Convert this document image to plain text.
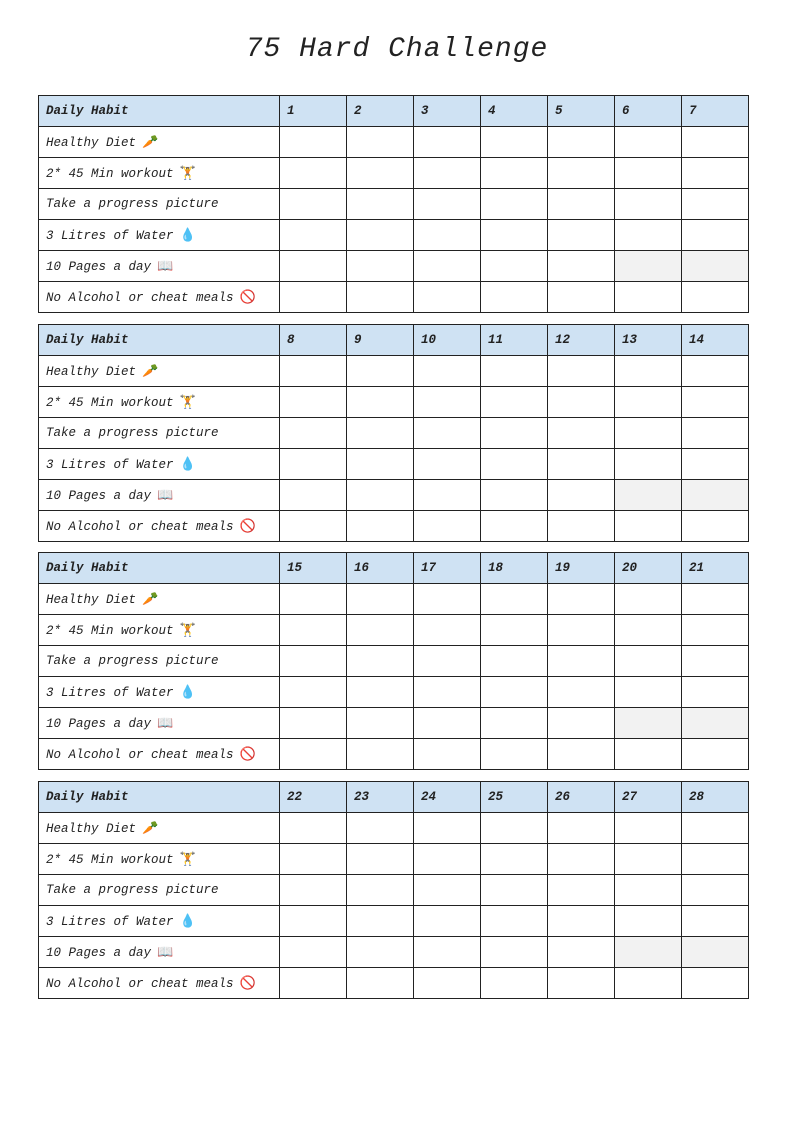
75 Hard Challenge
Daily Habit	1	2	3	4	5	6	7
Healthy Diet 🥕							
2* 45 Min workout 🏋							
Take a progress picture							
3 Litres of Water 💧							
10 Pages a day 📖							
No Alcohol or cheat meals 🚫							
Daily Habit	8	9	10	11	12	13	14
Healthy Diet 🥕							
2* 45 Min workout 🏋							
Take a progress picture							
3 Litres of Water 💧							
10 Pages a day 📖							
No Alcohol or cheat meals 🚫							
Daily Habit	15	16	17	18	19	20	21
Healthy Diet 🥕							
2* 45 Min workout 🏋							
Take a progress picture							
3 Litres of Water 💧							
10 Pages a day 📖							
No Alcohol or cheat meals 🚫							
Daily Habit	22	23	24	25	26	27	28
Healthy Diet 🥕							
2* 45 Min workout 🏋							
Take a progress picture							
3 Litres of Water 💧							
10 Pages a day 📖							
No Alcohol or cheat meals 🚫							
